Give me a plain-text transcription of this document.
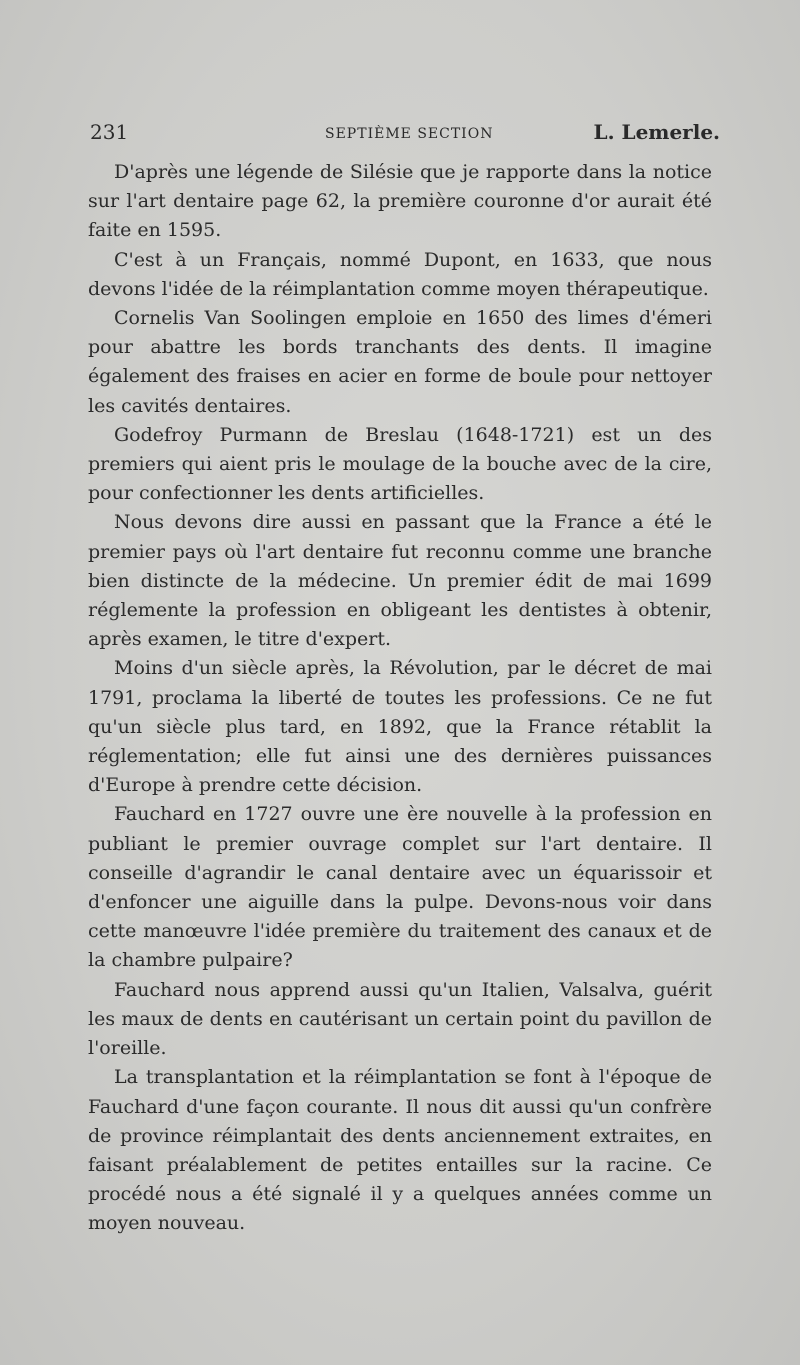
231	SEPTIÈME SECTION	L. Lemerle.

D'après une légende de Silésie que je rapporte dans la notice sur l'art dentaire page 62, la première couronne d'or aurait été faite en 1595.

C'est à un Français, nommé Dupont, en 1633, que nous devons l'idée de la réimplantation comme moyen thérapeutique.

Cornelis Van Soolingen emploie en 1650 des limes d'émeri pour abattre les bords tranchants des dents. Il imagine également des fraises en acier en forme de boule pour nettoyer les cavités dentaires.

Godefroy Purmann de Breslau (1648-1721) est un des premiers qui aient pris le moulage de la bouche avec de la cire, pour confectionner les dents artificielles.

Nous devons dire aussi en passant que la France a été le premier pays où l'art dentaire fut reconnu comme une branche bien distincte de la médecine. Un premier édit de mai 1699 réglemente la profession en obligeant les dentistes à obtenir, après examen, le titre d'expert.

Moins d'un siècle après, la Révolution, par le décret de mai 1791, proclama la liberté de toutes les professions. Ce ne fut qu'un siècle plus tard, en 1892, que la France rétablit la réglementation; elle fut ainsi une des dernières puissances d'Europe à prendre cette décision.

Fauchard en 1727 ouvre une ère nouvelle à la profession en publiant le premier ouvrage complet sur l'art dentaire. Il conseille d'agrandir le canal dentaire avec un équarissoir et d'enfoncer une aiguille dans la pulpe. Devons-nous voir dans cette manœuvre l'idée première du traitement des canaux et de la chambre pulpaire?

Fauchard nous apprend aussi qu'un Italien, Valsalva, guérit les maux de dents en cautérisant un certain point du pavillon de l'oreille.

La transplantation et la réimplantation se font à l'époque de Fauchard d'une façon courante. Il nous dit aussi qu'un confrère de province réimplantait des dents anciennement extraites, en faisant préalablement de petites entailles sur la racine. Ce procédé nous a été signalé il y a quelques années comme un moyen nouveau.
